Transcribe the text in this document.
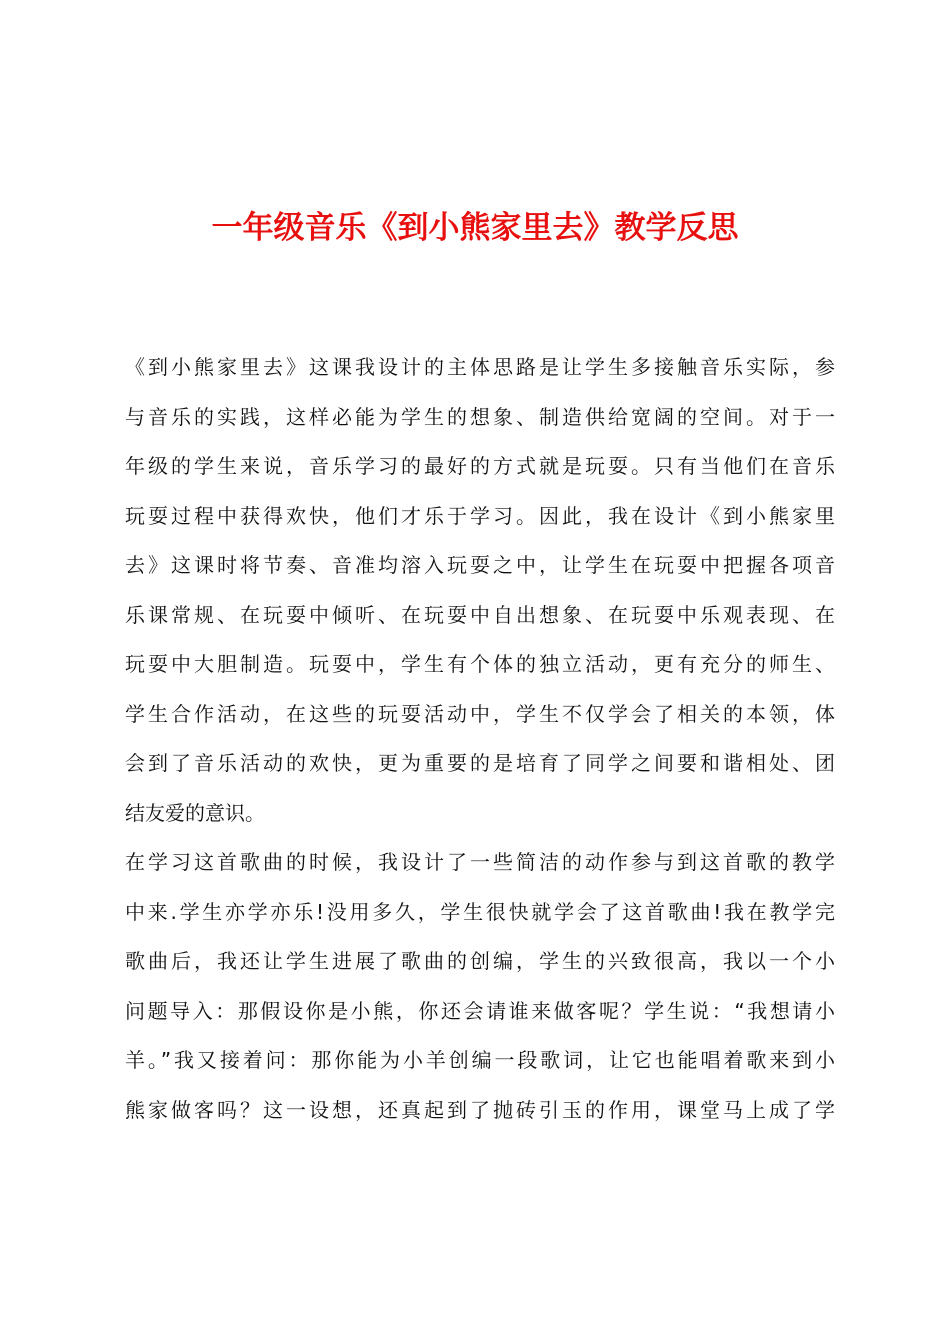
一年级音乐《到小熊家里去》教学反思
《到小熊家里去》这课我设计的主体思路是让学生多接触音乐实际，参
与音乐的实践，这样必能为学生的想象、制造供给宽阔的空间。对于一
年级的学生来说，音乐学习的最好的方式就是玩耍。只有当他们在音乐
玩耍过程中获得欢快，他们才乐于学习。因此，我在设计《到小熊家里
去》这课时将节奏、音准均溶入玩耍之中，让学生在玩耍中把握各项音
乐课常规、在玩耍中倾听、在玩耍中自出想象、在玩耍中乐观表现、在
玩耍中大胆制造。玩耍中，学生有个体的独立活动，更有充分的师生、
学生合作活动，在这些的玩耍活动中，学生不仅学会了相关的本领，体
会到了音乐活动的欢快，更为重要的是培育了同学之间要和谐相处、团
结友爱的意识。
在学习这首歌曲的时候，我设计了一些简洁的动作参与到这首歌的教学
中来.学生亦学亦乐!没用多久，学生很快就学会了这首歌曲!我在教学完
歌曲后，我还让学生进展了歌曲的创编，学生的兴致很高，我以一个小
问题导入：那假设你是小熊，你还会请谁来做客呢？学生说：“我想请小
羊。”我又接着问：那你能为小羊创编一段歌词，让它也能唱着歌来到小
熊家做客吗？这一设想，还真起到了抛砖引玉的作用，课堂马上成了学
